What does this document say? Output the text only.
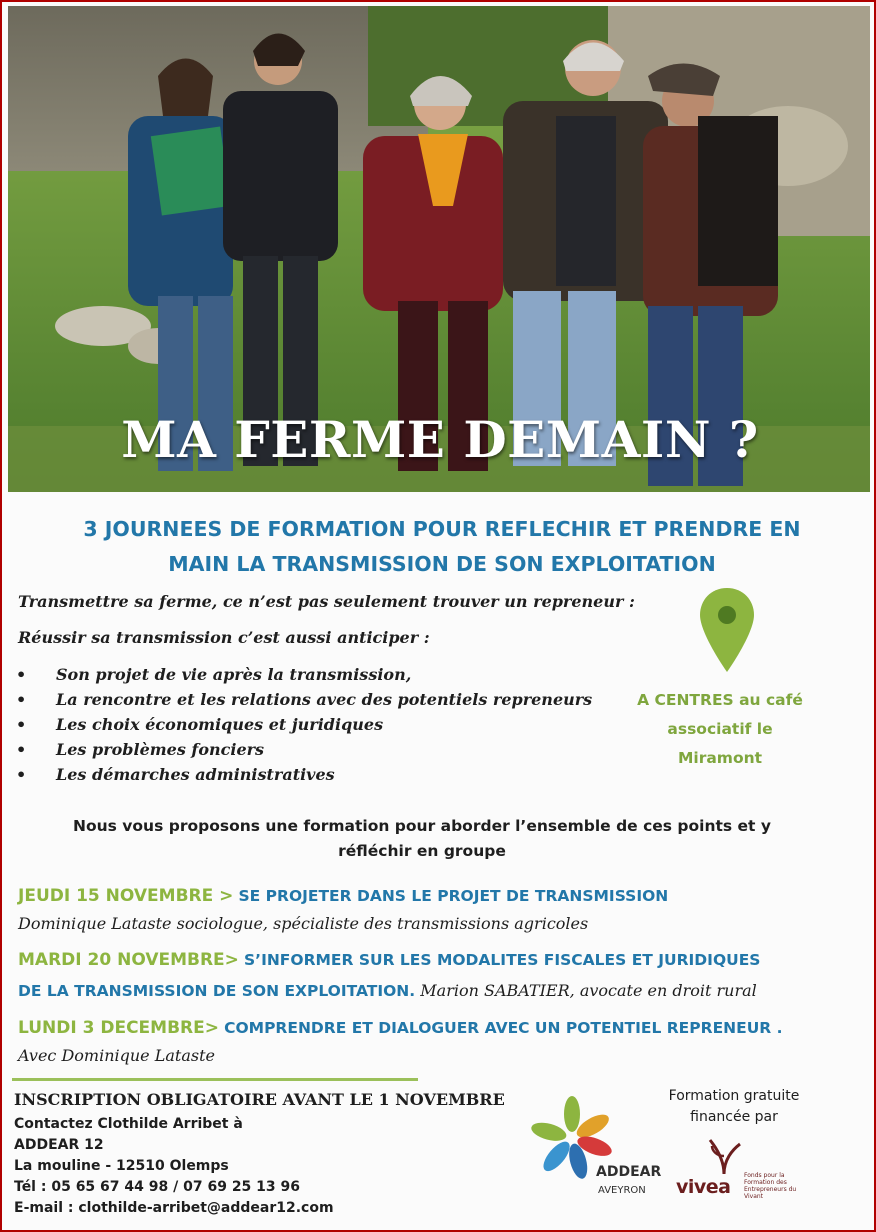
MA FERME DEMAIN ?
3 JOURNEES DE FORMATION POUR REFLECHIR ET PRENDRE EN
MAIN LA TRANSMISSION DE SON EXPLOITATION
Transmettre sa ferme, ce n’est pas seulement trouver un repreneur :
Réussir sa transmission c’est aussi anticiper :
• Son projet de vie après la transmission,
• La rencontre et les relations avec des potentiels repreneurs
• Les choix économiques et juridiques
• Les problèmes fonciers
• Les démarches administratives
A CENTRES au café
associatif le
Miramont
Nous vous proposons une formation pour aborder l’ensemble de ces points et y
réfléchir en groupe
JEUDI 15 NOVEMBRE > SE PROJETER DANS LE PROJET DE TRANSMISSION
Dominique Lataste sociologue, spécialiste des transmissions agricoles
MARDI 20 NOVEMBRE> S’INFORMER SUR LES MODALITES FISCALES ET JURIDIQUES
DE LA TRANSMISSION DE SON EXPLOITATION. Marion SABATIER, avocate en droit rural
LUNDI 3 DECEMBRE> COMPRENDRE ET DIALOGUER AVEC UN POTENTIEL REPRENEUR .
Avec Dominique Lataste
INSCRIPTION OBLIGATOIRE AVANT LE 1 NOVEMBRE
Contactez Clothilde Arribet à
ADDEAR 12
La mouline - 12510 Olemps
Tél : 05 65 67 44 98 / 07 69 25 13 96
E-mail : clothilde-arribet@addear12.com
ADDEAR
AVEYRON
Formation gratuite
financée par
vivea
Fonds pour la Formation des Entrepreneurs du Vivant
